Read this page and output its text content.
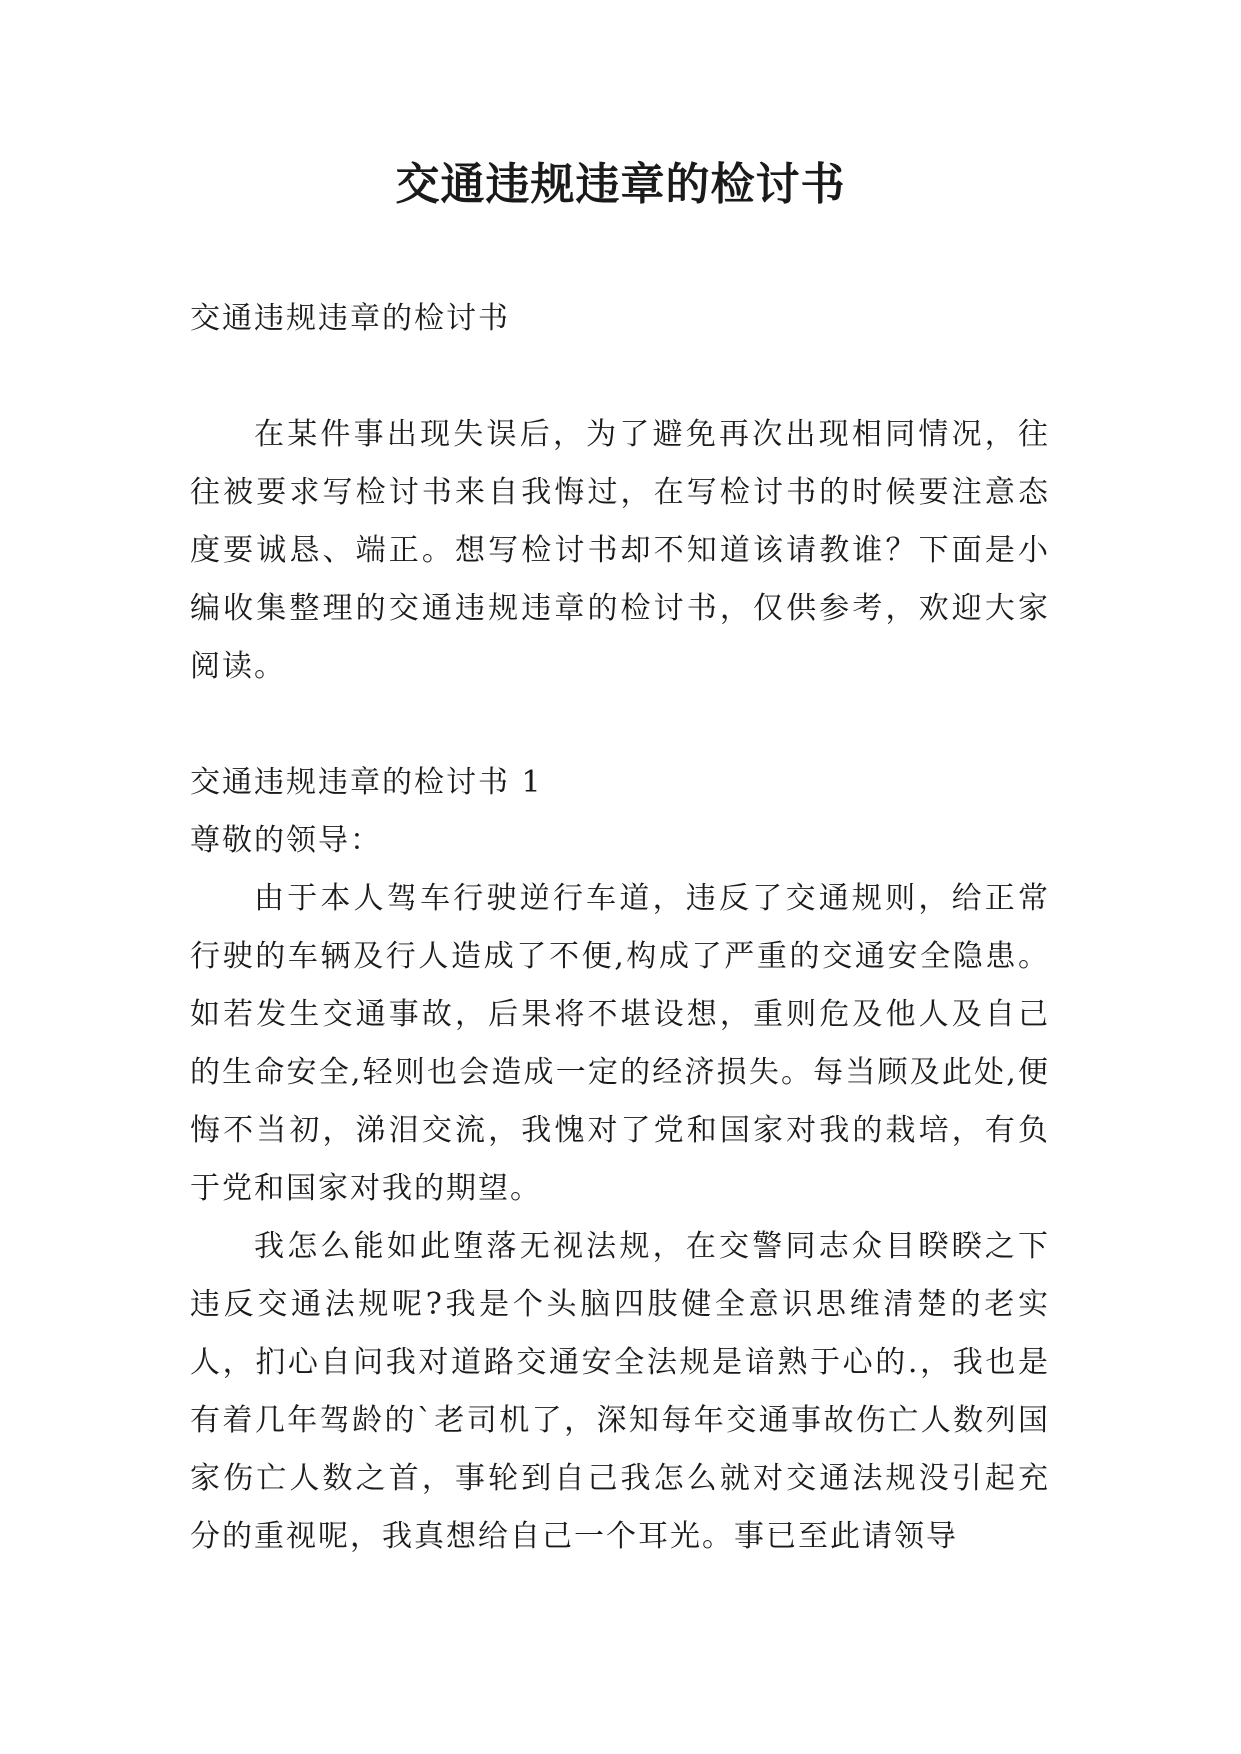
交通违规违章的检讨书

交通违规违章的检讨书

在某件事出现失误后，为了避免再次出现相同情况，往往被要求写检讨书来自我悔过，在写检讨书的时候要注意态度要诚恳、端正。想写检讨书却不知道该请教谁？下面是小编收集整理的交通违规违章的检讨书，仅供参考，欢迎大家阅读。

交通违规违章的检讨书 1

尊敬的领导：

由于本人驾车行驶逆行车道，违反了交通规则，给正常行驶的车辆及行人造成了不便,构成了严重的交通安全隐患。如若发生交通事故，后果将不堪设想，重则危及他人及自己的生命安全,轻则也会造成一定的经济损失。每当顾及此处,便悔不当初，涕泪交流，我愧对了党和国家对我的栽培，有负于党和国家对我的期望。

我怎么能如此堕落无视法规，在交警同志众目睽睽之下违反交通法规呢?我是个头脑四肢健全意识思维清楚的老实人，扪心自问我对道路交通安全法规是谙熟于心的.，我也是有着几年驾龄的`老司机了，深知每年交通事故伤亡人数列国家伤亡人数之首，事轮到自己我怎么就对交通法规没引起充分的重视呢，我真想给自己一个耳光。事已至此请领导
